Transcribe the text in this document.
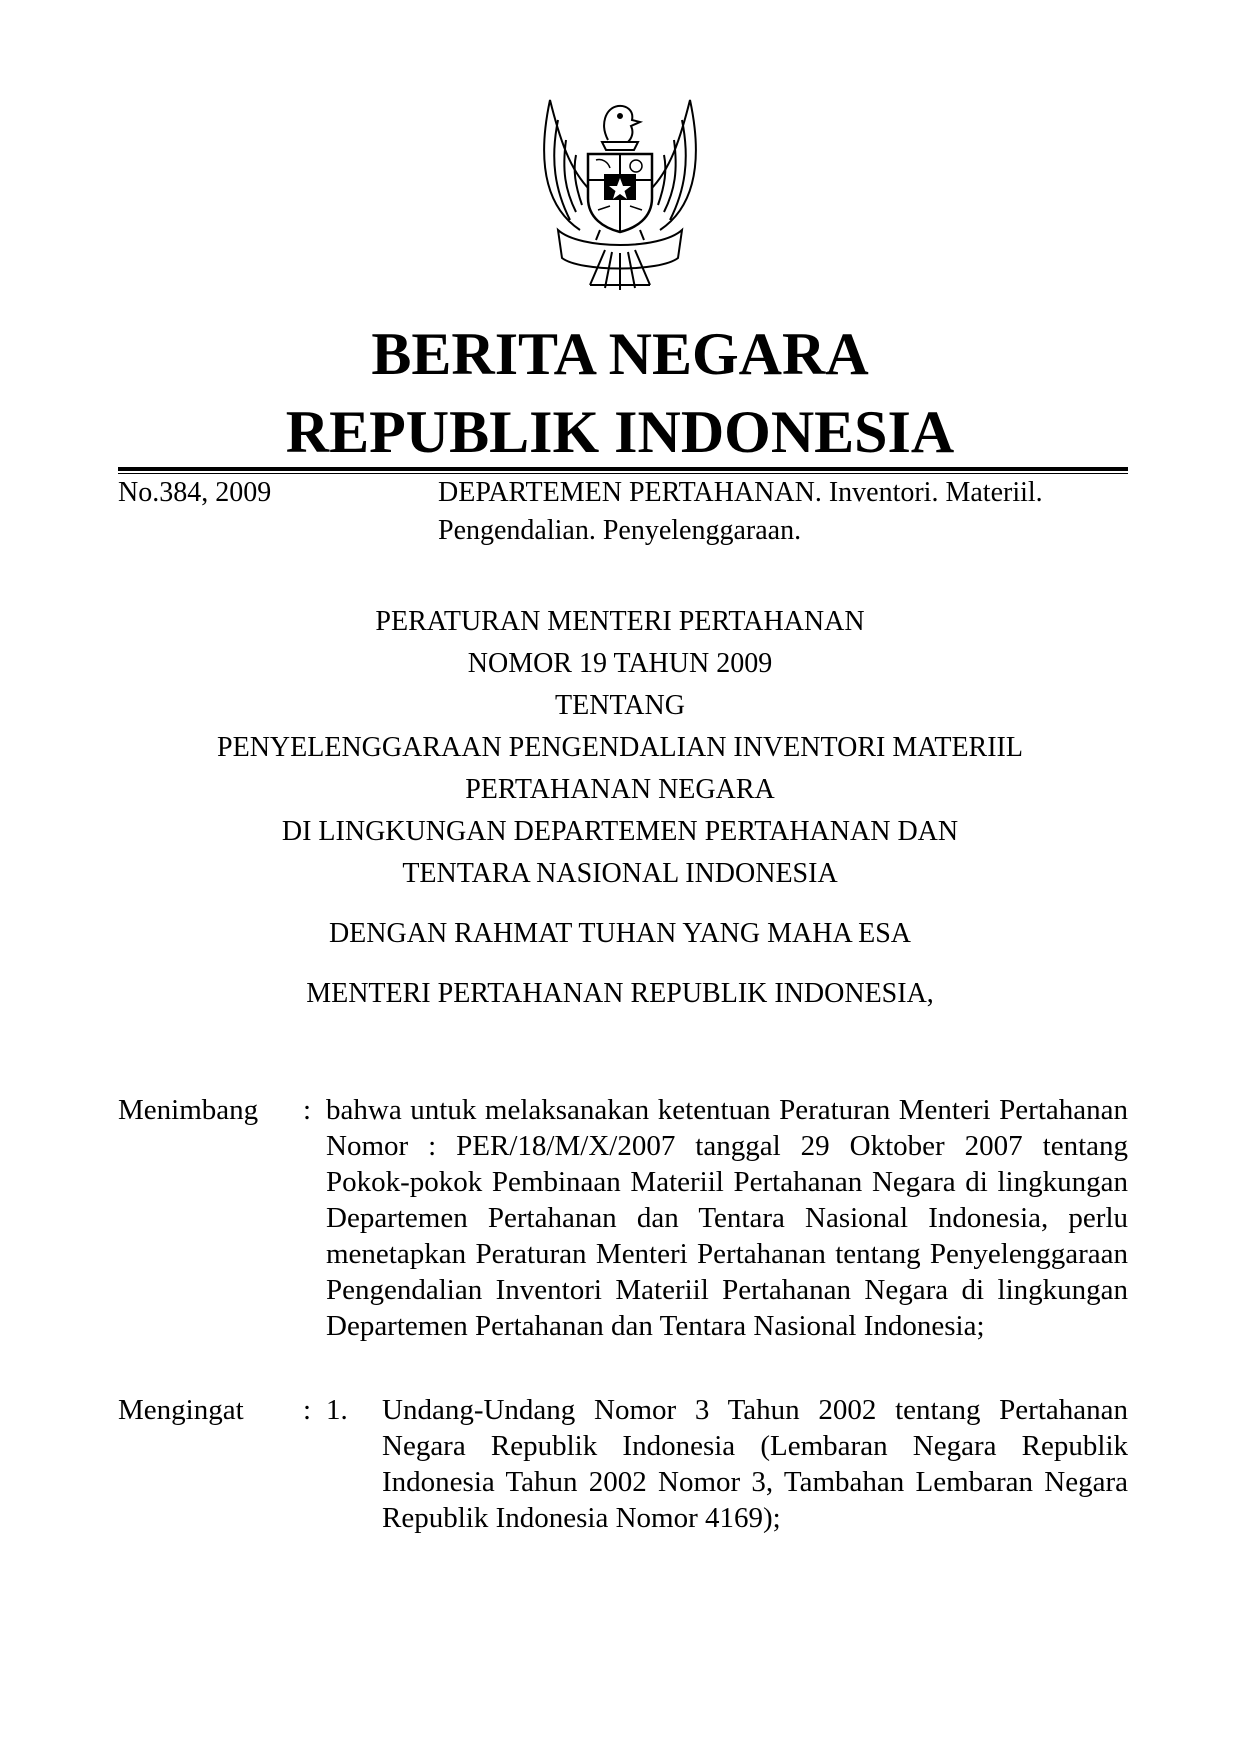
BERITA NEGARA
REPUBLIK INDONESIA
No.384, 2009	DEPARTEMEN PERTAHANAN. Inventori. Materiil. Pengendalian. Penyelenggaraan.
PERATURAN MENTERI PERTAHANAN
NOMOR 19 TAHUN 2009
TENTANG
PENYELENGGARAAN PENGENDALIAN INVENTORI MATERIIL
PERTAHANAN NEGARA
DI LINGKUNGAN DEPARTEMEN PERTAHANAN DAN
TENTARA NASIONAL INDONESIA
DENGAN RAHMAT TUHAN YANG MAHA ESA
MENTERI PERTAHANAN REPUBLIK INDONESIA,
Menimbang : bahwa untuk melaksanakan ketentuan Peraturan Menteri Pertahanan Nomor : PER/18/M/X/2007 tanggal 29 Oktober 2007 tentang Pokok-pokok Pembinaan Materiil Pertahanan Negara di lingkungan Departemen Pertahanan dan Tentara Nasional Indonesia, perlu menetapkan Peraturan Menteri Pertahanan tentang Penyelenggaraan Pengendalian Inventori Materiil Pertahanan Negara di lingkungan Departemen Pertahanan dan Tentara Nasional Indonesia;
Mengingat : 1. Undang-Undang Nomor 3 Tahun 2002 tentang Pertahanan Negara Republik Indonesia (Lembaran Negara Republik Indonesia Tahun 2002 Nomor 3, Tambahan Lembaran Negara Republik Indonesia Nomor 4169);
